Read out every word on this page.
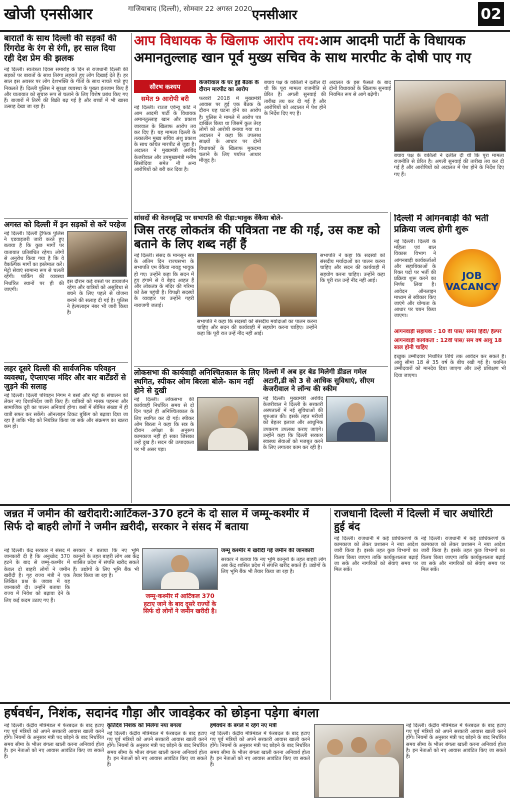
खोजी एनसीआर	गाजियाबाद (दिल्ली), सोमवार 22 अगस्त 2020 एनसीआर	02
बारातों के साथ दिल्ली की सड़कों की रिंगरोड के रंग से रंगी, हर साल दिया रही देश प्रेम की झलक
नई दिल्ली। स्वतंत्रता दिवस समारोह के दिन से राजधानी दिल्ली की सड़कों पर बारातों के साथ तिरंगा लहराते हुए लोग दिखाई देते हैं। हर साल इस अवसर पर लोग देशभक्ति के गीतों के साथ नाचते गाते हुए निकलते हैं। दिल्ली पुलिस ने सुरक्षा व्यवस्था के पुख्ता इंतजाम किए हैं और यातायात को सुचारु रूप से चलाने के लिए विशेष प्रबंध किए गए हैं। बाजारों में तिरंगे की बिक्री बढ़ गई है और बच्चों में भी खासा उत्साह देखा जा रहा है।
अगस्त को दिल्ली में इन सड़कों से करें परहेज
नई दिल्ली। दिल्ली ट्रैफिक पुलिस ने एडवाइजरी जारी करते हुए बताया है कि कुछ मार्गों पर यातायात प्रतिबंधित रहेगा। लोगों से अनुरोध किया गया है कि वे वैकल्पिक मार्गों का इस्तेमाल करें। मेट्रो सेवाएं सामान्य रूप से चलती रहेंगी। पार्किंग की व्यवस्था निर्धारित स्थानों पर ही की जाएगी।
इस दौरान कई रास्तों पर डायवर्जन रहेगा और यात्रियों को असुविधा से बचने के लिए पहले से योजना बनाने की सलाह दी गई है। पुलिस ने हेल्पलाइन नंबर भी जारी किया है।
लहर दूसरे दिल्ली की सार्वजनिक परिवहन व्यवस्था, ऐप्लाएप्स मंदिर और बार बार्टेंडरों से जुड़ने की सलाह
नई दिल्ली। दिल्ली परिवहन निगम ने बसों और मेट्रो के संचालन को लेकर नए दिशानिर्देश जारी किए हैं। यात्रियों को मास्क पहनना और सामाजिक दूरी का पालन अनिवार्य होगा। बसों में सीमित संख्या में ही यात्री सफर कर सकेंगे। ऑनलाइन टिकट बुकिंग को बढ़ावा दिया जा रहा है ताकि भीड़ को नियंत्रित किया जा सके और संक्रमण का खतरा कम हो।
आप विधायक के खिलाफ आरोप तय:आम आदमी पार्टी के विधायक
अमानतुल्लाह खान पूर्व मुख्य सचिव के साथ मारपीट के दोषी पाए गए
सौरभ कश्यप
समेत 9 आरोपी बरी
नई दिल्ली। राउज एवेन्यू कोर्ट ने आम आदमी पार्टी के विधायक अमानतुल्लाह खान और प्रकाश जारवाल के खिलाफ आरोप तय कर दिए हैं। यह मामला दिल्ली के तत्कालीन मुख्य सचिव अंशु प्रकाश के साथ कथित मारपीट से जुड़ा है। अदालत ने मुख्यमंत्री अरविंद केजरीवाल और उपमुख्यमंत्री मनीष सिसोदिया समेत नौ अन्य आरोपियों को बरी कर दिया है।
केजरीवाल के घर हुई बैठक के दौरान मारपीट का आरोप
फरवरी 2018 में मुख्यमंत्री आवास पर हुई एक बैठक के दौरान यह घटना होने का आरोप है। पुलिस ने मामले में आरोप पत्र दाखिल किया था जिसमें कुल तेरह लोगों को आरोपी बनाया गया था। अदालत ने कहा कि उपलब्ध साक्ष्यों के आधार पर दोनों विधायकों के खिलाफ मुकदमा चलाने के लिए पर्याप्त आधार मौजूद है।
बचाव पक्ष के वकीलों ने दलील दी थी कि पूरा मामला राजनीति से प्रेरित है। अगली सुनवाई की तारीख तय कर दी गई है और आरोपियों को अदालत में पेश होने के निर्देश दिए गए हैं।
अदालत के इस फैसले के बाद दोनों विधायकों के खिलाफ सुनवाई नियमित रूप से आगे बढ़ेगी।
बचाव पक्ष के वकीलों ने दलील दी थी कि पूरा मामला राजनीति से प्रेरित है। अगली सुनवाई की तारीख तय कर दी गई है और आरोपियों को अदालत में पेश होने के निर्देश दिए गए हैं।
दिल्ली में आंगनबाड़ी की भर्ती प्रक्रिया जल्द होगी शुरू
नई दिल्ली। दिल्ली के महिला एवं बाल विकास विभाग ने आंगनबाड़ी कार्यकर्ताओं और सहायिकाओं के रिक्त पदों पर भर्ती की प्रक्रिया शुरू करने का निर्णय लिया है। आवेदन ऑनलाइन माध्यम से स्वीकार किए जाएंगे और योग्यता के आधार पर चयन किया जाएगा।
JOB VACANCY
आंगनवाड़ी सहायक : 10 वीं पास/ समेत हिंदी/ हैल्पर
आंगनवाड़ी कार्यकर्ता : 12वीं पास/ सम वर्ष आयु 18 साल होनी चाहिए
इच्छुक उम्मीदवार निर्धारित तिथि तक आवेदन कर सकते हैं। आयु सीमा 18 से 35 वर्ष के बीच रखी गई है। चयनित उम्मीदवारों को मानदेय दिया जाएगा और उन्हें प्रशिक्षण भी दिया जाएगा।
सांसदों की वेतनवृद्धि पर सभापति की पीड़ा:भावुक वेंकैया बोले-
जिस तरह लोकतंत्र की पवित्रता नष्ट की गई, उस कष्ट को बताने के लिए शब्द नहीं हैं
नई दिल्ली। संसद के मानसून सत्र के अंतिम दिन राज्यसभा के सभापति एम वेंकैया नायडू भावुक हो गए। उन्होंने कहा कि सदन में हुए हंगामे से वे बेहद आहत हैं और लोकतंत्र के मंदिर की गरिमा को ठेस पहुंची है। विपक्षी सदस्यों के व्यवहार पर उन्होंने गहरी नाराजगी जताई।
सभापति ने कहा कि सदस्यों को संसदीय मर्यादाओं का पालन करना चाहिए और सदन की कार्यवाही में सहयोग करना चाहिए। उन्होंने कहा कि पूरी रात उन्हें नींद नहीं आई।
सभापति ने कहा कि सदस्यों को संसदीय मर्यादाओं का पालन करना चाहिए और सदन की कार्यवाही में सहयोग करना चाहिए। उन्होंने कहा कि पूरी रात उन्हें नींद नहीं आई।
लोकसभा की कार्यवाही अनिश्चितकाल के लिए स्थगित, स्पीकर ओम बिरला बोले- काम नहीं होने से दुखी
नई दिल्ली। लोकसभा की कार्यवाही निर्धारित समय से दो दिन पहले ही अनिश्चितकाल के लिए स्थगित कर दी गई। स्पीकर ओम बिरला ने कहा कि सत्र के दौरान अपेक्षा के अनुरूप कामकाज नहीं हो सका जिसका उन्हें दुख है। सदन की उत्पादकता पर भी असर पड़ा।
दिल्ली में अब हर बेड मिलेगी डीडल गमेल अटारी,डी को 3 से आधिक सुविधाएं, सीएम केजरीवाल ने लॉन्च की स्कीम
नई दिल्ली। मुख्यमंत्री अरविंद केजरीवाल ने दिल्ली के सरकारी अस्पतालों में नई सुविधाओं की शुरुआत की। इसके तहत मरीजों को बेहतर इलाज और आधुनिक उपकरण उपलब्ध कराए जाएंगे। उन्होंने कहा कि दिल्ली सरकार स्वास्थ्य सेवाओं को मजबूत करने के लिए लगातार काम कर रही है।
जन्नत में जमीन की खरीदारी:आर्टिकल-370 हटने के दो साल में जम्मू-कश्मीर में सिर्फ दो बाहरी लोगों ने जमीन ख़रीदी, सरकार ने संसद में बताया
नई दिल्ली। केंद्र सरकार ने संसद में जानकारी दी है कि अनुच्छेद 370 हटने के बाद से जम्मू-कश्मीर में केवल दो बाहरी लोगों ने जमीन खरीदी है। गृह राज्य मंत्री ने एक लिखित प्रश्न के जवाब में यह जानकारी दी। उन्होंने बताया कि राज्य में निवेश को बढ़ावा देने के लिए कई कदम उठाए गए हैं।
सरकार ने बताया कि नए भूमि कानूनों के तहत बाहरी लोग अब केंद्र शासित प्रदेश में संपत्ति खरीद सकते हैं। उद्योगों के लिए भूमि बैंक भी तैयार किया जा रहा है।
जम्मू-कश्मीर में आर्टिकल 370 हटाए जाने के बाद दूसरे राज्यों के सिर्फ दो लोगों ने जमीन खरीदी है।
जम्मू कश्मीर में खरीदी गई जमीन की जानकारी
सरकार ने बताया कि नए भूमि कानूनों के तहत बाहरी लोग अब केंद्र शासित प्रदेश में संपत्ति खरीद सकते हैं। उद्योगों के लिए भूमि बैंक भी तैयार किया जा रहा है।
राजधानी दिल्ली में दिल्ली में चार अधोरिटी हुई बंद
नई दिल्ली। राजधानी में कई प्राधिकरणों के कामकाज को लेकर प्रशासन ने नया आदेश जारी किया है। इसके तहत कुछ विभागों का विलय किया जाएगा ताकि कार्यकुशलता बढ़ाई जा सके और नागरिकों को सेवाएं समय पर मिल सकें।
नई दिल्ली। राजधानी में कई प्राधिकरणों के कामकाज को लेकर प्रशासन ने नया आदेश जारी किया है। इसके तहत कुछ विभागों का विलय किया जाएगा ताकि कार्यकुशलता बढ़ाई जा सके और नागरिकों को सेवाएं समय पर मिल सकें।
हर्षवर्धन, निशंक, सदानंद गौड़ा और जावड़ेकर को छोड़ना पड़ेगा बंगला
नई दिल्ली। केंद्रीय मंत्रिमंडल में फेरबदल के बाद हटाए गए पूर्व मंत्रियों को अपने सरकारी आवास खाली करने होंगे। नियमों के अनुसार मंत्री पद छोड़ने के बाद निर्धारित समय सीमा के भीतर बंगला खाली करना अनिवार्य होता है। इन नेताओं को नए आवास आवंटित किए जा सकते हैं।
कृतिदेव निशंक को मिलेगा नया बंगला
नई दिल्ली। केंद्रीय मंत्रिमंडल में फेरबदल के बाद हटाए गए पूर्व मंत्रियों को अपने सरकारी आवास खाली करने होंगे। नियमों के अनुसार मंत्री पद छोड़ने के बाद निर्धारित समय सीमा के भीतर बंगला खाली करना अनिवार्य होता है। इन नेताओं को नए आवास आवंटित किए जा सकते हैं।
हर्षवर्धन के बंगले में रहेंगे नए मंत्री
नई दिल्ली। केंद्रीय मंत्रिमंडल में फेरबदल के बाद हटाए गए पूर्व मंत्रियों को अपने सरकारी आवास खाली करने होंगे। नियमों के अनुसार मंत्री पद छोड़ने के बाद निर्धारित समय सीमा के भीतर बंगला खाली करना अनिवार्य होता है। इन नेताओं को नए आवास आवंटित किए जा सकते हैं।
नई दिल्ली। केंद्रीय मंत्रिमंडल में फेरबदल के बाद हटाए गए पूर्व मंत्रियों को अपने सरकारी आवास खाली करने होंगे। नियमों के अनुसार मंत्री पद छोड़ने के बाद निर्धारित समय सीमा के भीतर बंगला खाली करना अनिवार्य होता है। इन नेताओं को नए आवास आवंटित किए जा सकते हैं।
